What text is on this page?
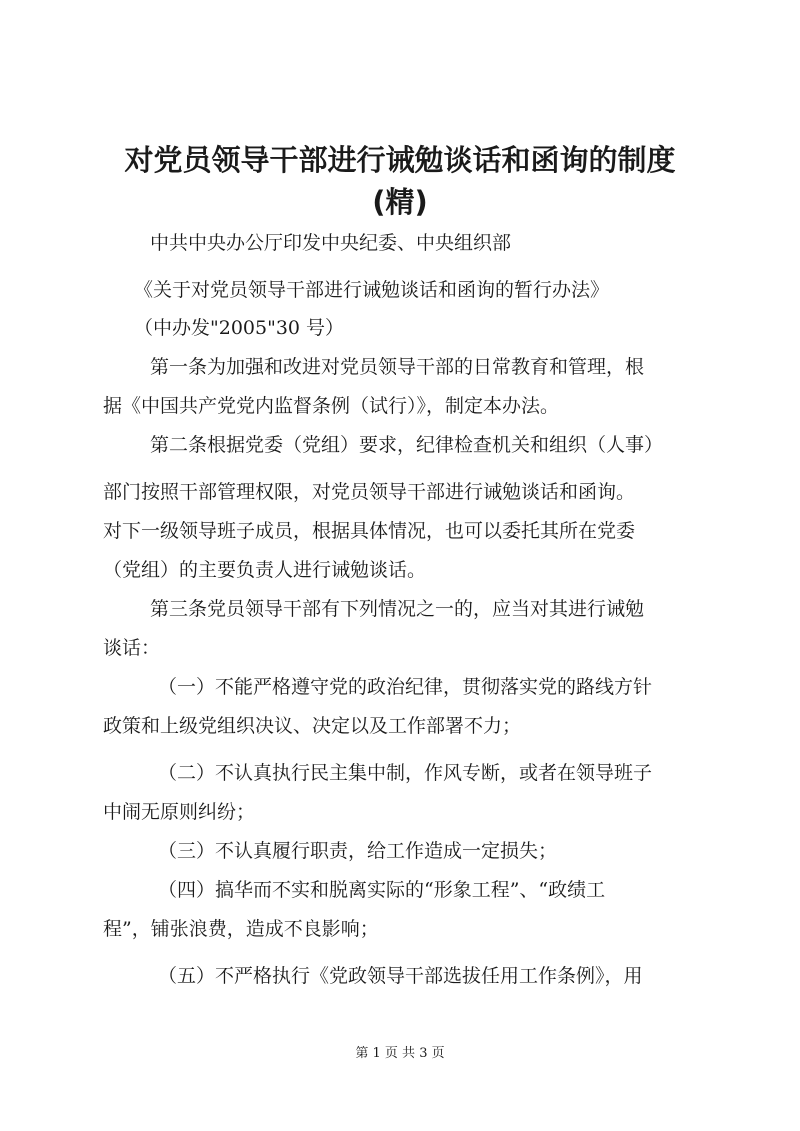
对党员领导干部进行诫勉谈话和函询的制度
(精)

中共中央办公厅印发中央纪委、中央组织部

《关于对党员领导干部进行诫勉谈话和函询的暂行办法》

（中办发"2005"30 号）

第一条为加强和改进对党员领导干部的日常教育和管理，根

据《中国共产党党内监督条例（试行）》，制定本办法。

第二条根据党委（党组）要求，纪律检查机关和组织（人事）

部门按照干部管理权限，对党员领导干部进行诫勉谈话和函询。

对下一级领导班子成员，根据具体情况，也可以委托其所在党委

（党组）的主要负责人进行诫勉谈话。

第三条党员领导干部有下列情况之一的，应当对其进行诫勉

谈话：

（一）不能严格遵守党的政治纪律，贯彻落实党的路线方针

政策和上级党组织决议、决定以及工作部署不力；

（二）不认真执行民主集中制，作风专断，或者在领导班子

中闹无原则纠纷；

（三）不认真履行职责，给工作造成一定损失；

（四）搞华而不实和脱离实际的“形象工程”、“政绩工

程”，铺张浪费，造成不良影响；

（五）不严格执行《党政领导干部选拔任用工作条例》，用

第 1 页 共 3 页
